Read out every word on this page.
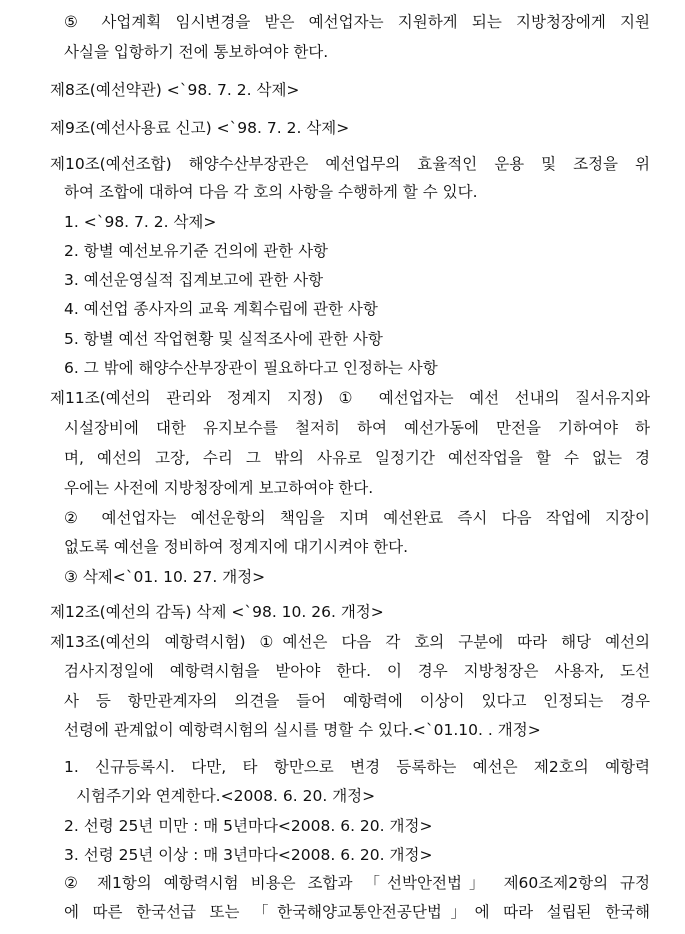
⑤ 사업계획 임시변경을 받은 예선업자는 지원하게 되는 지방청장에게 지원
사실을 입항하기 전에 통보하여야 한다.
제8조(예선약관) <`98. 7. 2. 삭제>
제9조(예선사용료 신고) <`98. 7. 2. 삭제>
제10조(예선조합) 해양수산부장관은 예선업무의 효율적인 운용 및 조정을 위
하여 조합에 대하여 다음 각 호의 사항을 수행하게 할 수 있다.
1. <`98. 7. 2. 삭제>
2. 항별 예선보유기준 건의에 관한 사항
3. 예선운영실적 집계보고에 관한 사항
4. 예선업 종사자의 교육 계획수립에 관한 사항
5. 항별 예선 작업현황 및 실적조사에 관한 사항
6. 그 밖에 해양수산부장관이 필요하다고 인정하는 사항
제11조(예선의 관리와 정계지 지정) ① 예선업자는 예선 선내의 질서유지와
시설장비에 대한 유지보수를 철저히 하여 예선가동에 만전을 기하여야 하
며, 예선의 고장, 수리 그 밖의 사유로 일정기간 예선작업을 할 수 없는 경
우에는 사전에 지방청장에게 보고하여야 한다.
② 예선업자는 예선운항의 책임을 지며 예선완료 즉시 다음 작업에 지장이
없도록 예선을 정비하여 정계지에 대기시켜야 한다.
③ 삭제<`01. 10. 27. 개정>
제12조(예선의 감독) 삭제 <`98. 10. 26. 개정>
제13조(예선의 예항력시험) ①예선은 다음 각 호의 구분에 따라 해당 예선의
검사지정일에 예항력시험을 받아야 한다. 이 경우 지방청장은 사용자, 도선
사 등 항만관계자의 의견을 들어 예항력에 이상이 있다고 인정되는 경우
선령에 관계없이 예항력시험의 실시를 명할 수 있다.<`01.10. . 개정>
1. 신규등록시. 다만, 타 항만으로 변경 등록하는 예선은 제2호의 예항력
시험주기와 연계한다.<2008. 6. 20. 개정>
2. 선령 25년 미만 : 매 5년마다<2008. 6. 20. 개정>
3. 선령 25년 이상 : 매 3년마다<2008. 6. 20. 개정>
② 제1항의 예항력시험 비용은 조합과 「선박안전법」 제60조제2항의 규정
에 따른 한국선급 또는 「한국해양교통안전공단법」에 따라 설립된 한국해
